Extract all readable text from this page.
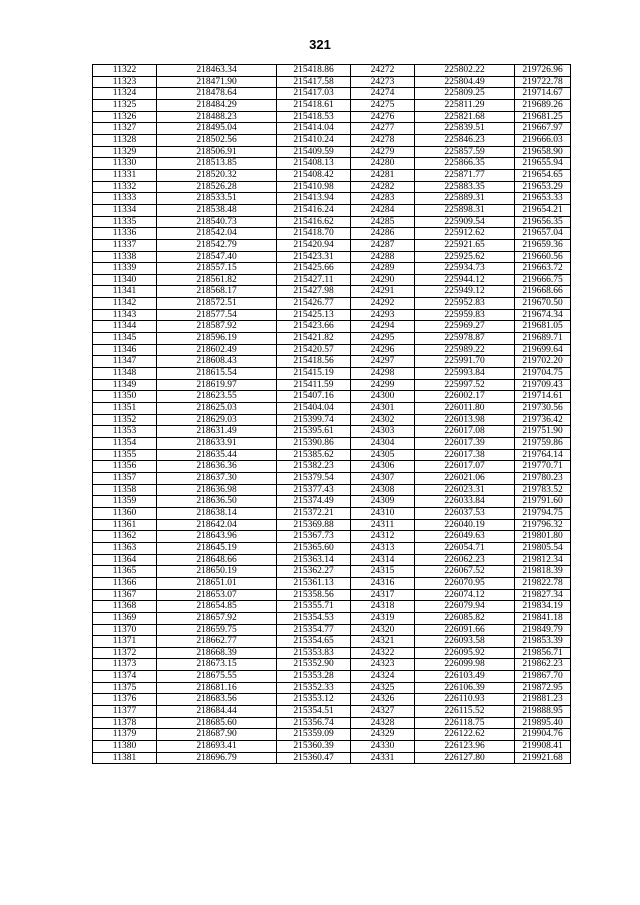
321
11322	218463.34	215418.86	24272	225802.22	219726.96
11323	218471.90	215417.58	24273	225804.49	219722.78
11324	218478.64	215417.03	24274	225809.25	219714.67
11325	218484.29	215418.61	24275	225811.29	219689.26
11326	218488.23	215418.53	24276	225821.68	219681.25
11327	218495.04	215414.04	24277	225839.51	219667.97
11328	218502.56	215410.24	24278	225846.23	219666.03
11329	218506.91	215409.59	24279	225857.59	219658.90
11330	218513.85	215408.13	24280	225866.35	219655.94
11331	218520.32	215408.42	24281	225871.77	219654.65
11332	218526.28	215410.98	24282	225883.35	219653.29
11333	218533.51	215413.94	24283	225889.31	219653.33
11334	218538.48	215416.24	24284	225898.31	219654.21
11335	218540.73	215416.62	24285	225909.54	219656.35
11336	218542.04	215418.70	24286	225912.62	219657.04
11337	218542.79	215420.94	24287	225921.65	219659.36
11338	218547.40	215423.31	24288	225925.62	219660.56
11339	218557.15	215425.66	24289	225934.73	219663.72
11340	218561.82	215427.11	24290	225944.12	219666.75
11341	218568.17	215427.98	24291	225949.12	219668.66
11342	218572.51	215426.77	24292	225952.83	219670.50
11343	218577.54	215425.13	24293	225959.83	219674.34
11344	218587.92	215423.66	24294	225969.27	219681.05
11345	218596.19	215421.82	24295	225978.87	219689.71
11346	218602.49	215420.57	24296	225989.22	219699.64
11347	218608.43	215418.56	24297	225991.70	219702.20
11348	218615.54	215415.19	24298	225993.84	219704.75
11349	218619.97	215411.59	24299	225997.52	219709.43
11350	218623.55	215407.16	24300	226002.17	219714.61
11351	218625.03	215404.04	24301	226011.80	219730.56
11352	218629.03	215399.74	24302	226013.98	219736.42
11353	218631.49	215395.61	24303	226017.08	219751.90
11354	218633.91	215390.86	24304	226017.39	219759.86
11355	218635.44	215385.62	24305	226017.38	219764.14
11356	218636.36	215382.23	24306	226017.07	219770.71
11357	218637.30	215379.54	24307	226021.06	219780.23
11358	218636.98	215377.43	24308	226023.31	219783.52
11359	218636.50	215374.49	24309	226033.84	219791.60
11360	218638.14	215372.21	24310	226037.53	219794.75
11361	218642.04	215369.88	24311	226040.19	219796.32
11362	218643.96	215367.73	24312	226049.63	219801.80
11363	218645.19	215365.60	24313	226054.71	219805.54
11364	218648.66	215363.14	24314	226062.23	219812.34
11365	218650.19	215362.27	24315	226067.52	219818.39
11366	218651.01	215361.13	24316	226070.95	219822.78
11367	218653.07	215358.56	24317	226074.12	219827.34
11368	218654.85	215355.71	24318	226079.94	219834.19
11369	218657.92	215354.53	24319	226085.82	219841.18
11370	218659.75	215354.77	24320	226091.66	219849.79
11371	218662.77	215354.65	24321	226093.58	219853.39
11372	218668.39	215353.83	24322	226095.92	219856.71
11373	218673.15	215352.90	24323	226099.98	219862.23
11374	218675.55	215353.28	24324	226103.49	219867.70
11375	218681.16	215352.33	24325	226106.39	219872.95
11376	218683.56	215353.12	24326	226110.93	219881.23
11377	218684.44	215354.51	24327	226115.52	219888.95
11378	218685.60	215356.74	24328	226118.75	219895.40
11379	218687.90	215359.09	24329	226122.62	219904.76
11380	218693.41	215360.39	24330	226123.96	219908.41
11381	218696.79	215360.47	24331	226127.80	219921.68
